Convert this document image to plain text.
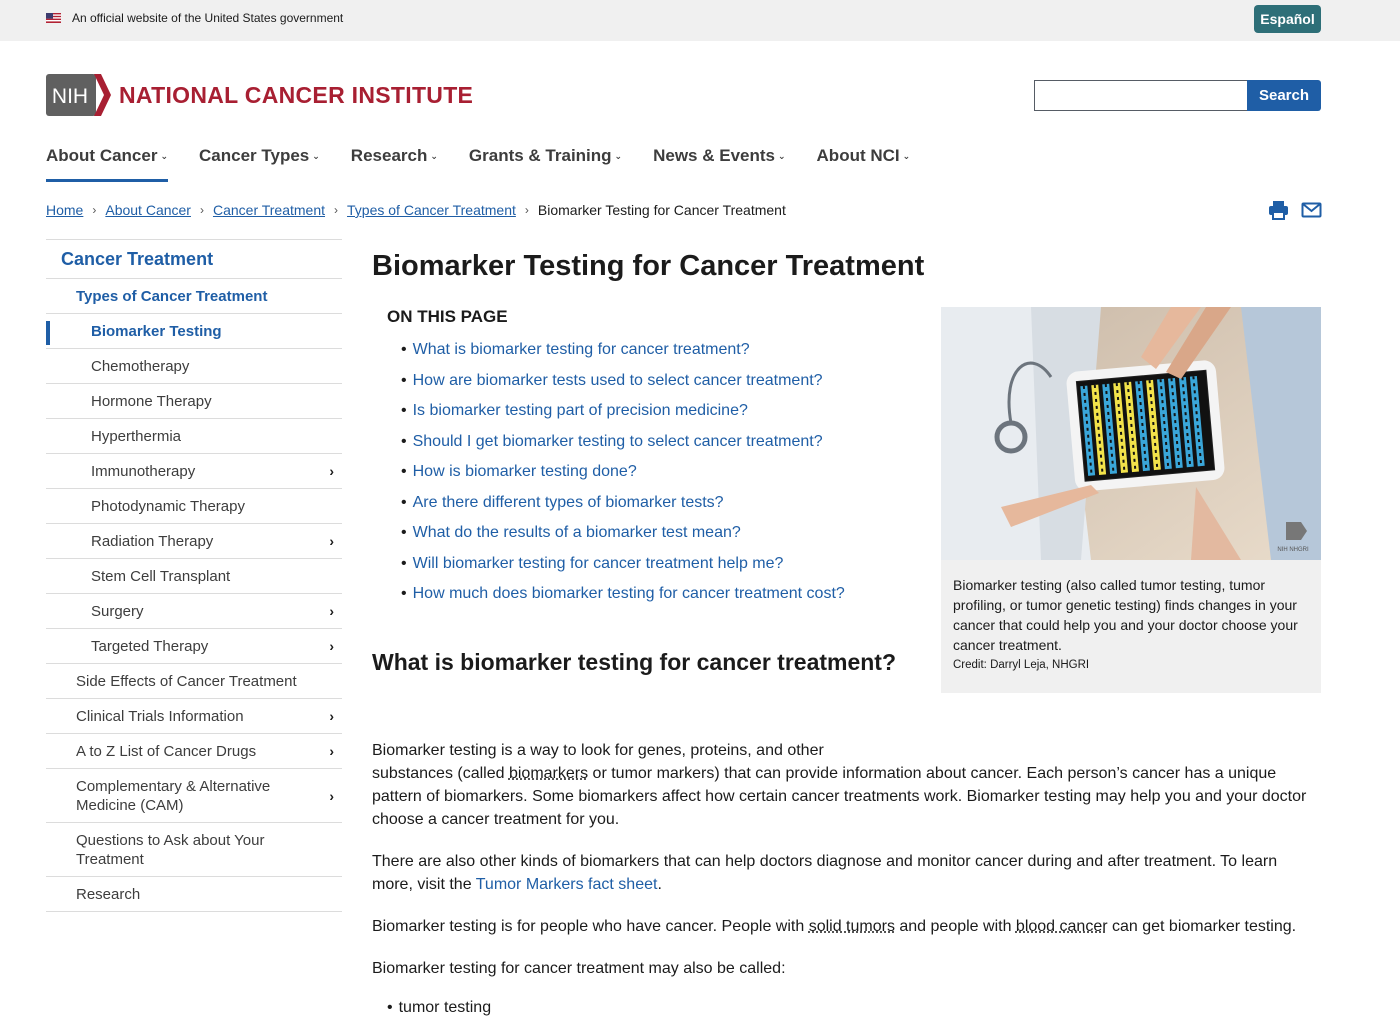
An official website of the United States government	Español
NIH NATIONAL CANCER INSTITUTE	Search
About Cancer ⌄ Cancer Types ⌄ Research ⌄ Grants & Training ⌄ News & Events ⌄ About NCI ⌄
Home › About Cancer › Cancer Treatment › Types of Cancer Treatment › Biomarker Testing for Cancer Treatment
Cancer Treatment
Types of Cancer Treatment
Biomarker Testing
Chemotherapy
Hormone Therapy
Hyperthermia
Immunotherapy	›
Photodynamic Therapy
Radiation Therapy	›
Stem Cell Transplant
Surgery	›
Targeted Therapy	›
Side Effects of Cancer Treatment
Clinical Trials Information	›
A to Z List of Cancer Drugs	›
Complementary & Alternative Medicine (CAM)
›
Questions to Ask about Your Treatment
Research
Biomarker Testing for Cancer Treatment
ON THIS PAGE
• What is biomarker testing for cancer treatment?
• How are biomarker tests used to select cancer treatment?
• Is biomarker testing part of precision medicine?
• Should I get biomarker testing to select cancer treatment?
• How is biomarker testing done?
• Are there different types of biomarker tests?
• What do the results of a biomarker test mean?
• Will biomarker testing for cancer treatment help me?
• How much does biomarker testing for cancer treatment cost?
NIH NHGRI
Biomarker testing (also called tumor testing, tumor profiling, or tumor genetic testing) finds changes in your cancer that could help you and your doctor choose your cancer treatment.
Credit: Darryl Leja, NHGRI
What is biomarker testing for cancer treatment?

Biomarker testing is a way to look for genes, proteins, and other
substances (called biomarkers or tumor markers) that can provide information about cancer. Each person’s cancer has a unique pattern of biomarkers. Some biomarkers affect how certain cancer treatments work. Biomarker testing may help you and your doctor choose a cancer treatment for you.

There are also other kinds of biomarkers that can help doctors diagnose and monitor cancer during and after treatment. To learn more, visit the Tumor Markers fact sheet.

Biomarker testing is for people who have cancer. People with solid tumors and people with blood cancer can get biomarker testing.

Biomarker testing for cancer treatment may also be called:

• tumor testing
